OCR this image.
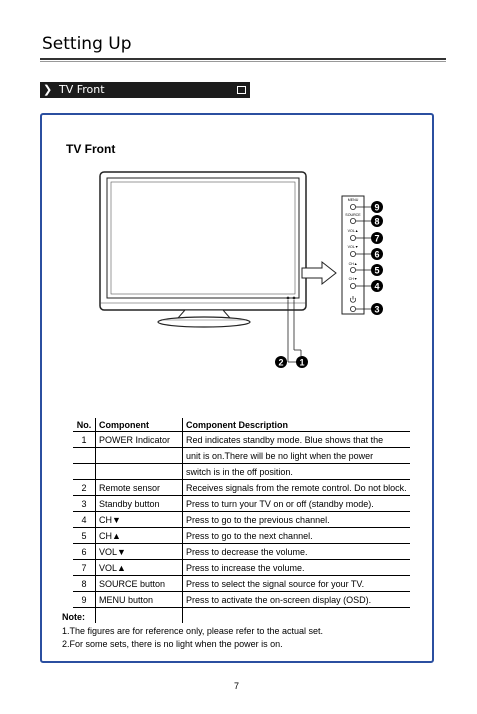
Setting Up
❯ TV Front
TV Front
MENU
SOURCE
VOL▲
VOL▼
CH▲
CH▼
9
8
7
6
5
4
3
2 1
No.	Component	Component Description
1	POWER Indicator	Red indicates standby mode. Blue shows that the
		unit is on.There will be no light when the power
		switch is in the off position.
2	Remote sensor	Receives signals from the remote control. Do not block.
3	Standby button	Press to turn your TV on or off (standby mode).
4	CH▼	Press to go to the previous channel.
5	CH▲	Press to go to the next channel.
6	VOL▼	Press to decrease the volume.
7	VOL▲	Press to increase the volume.
8	SOURCE button	Press to select the signal source for your TV.
9	MENU button	Press to activate the on-screen display (OSD).

Note:
1.The figures are for reference only, please refer to the actual set.
2.For some sets, there is no light when the power is on.
7
